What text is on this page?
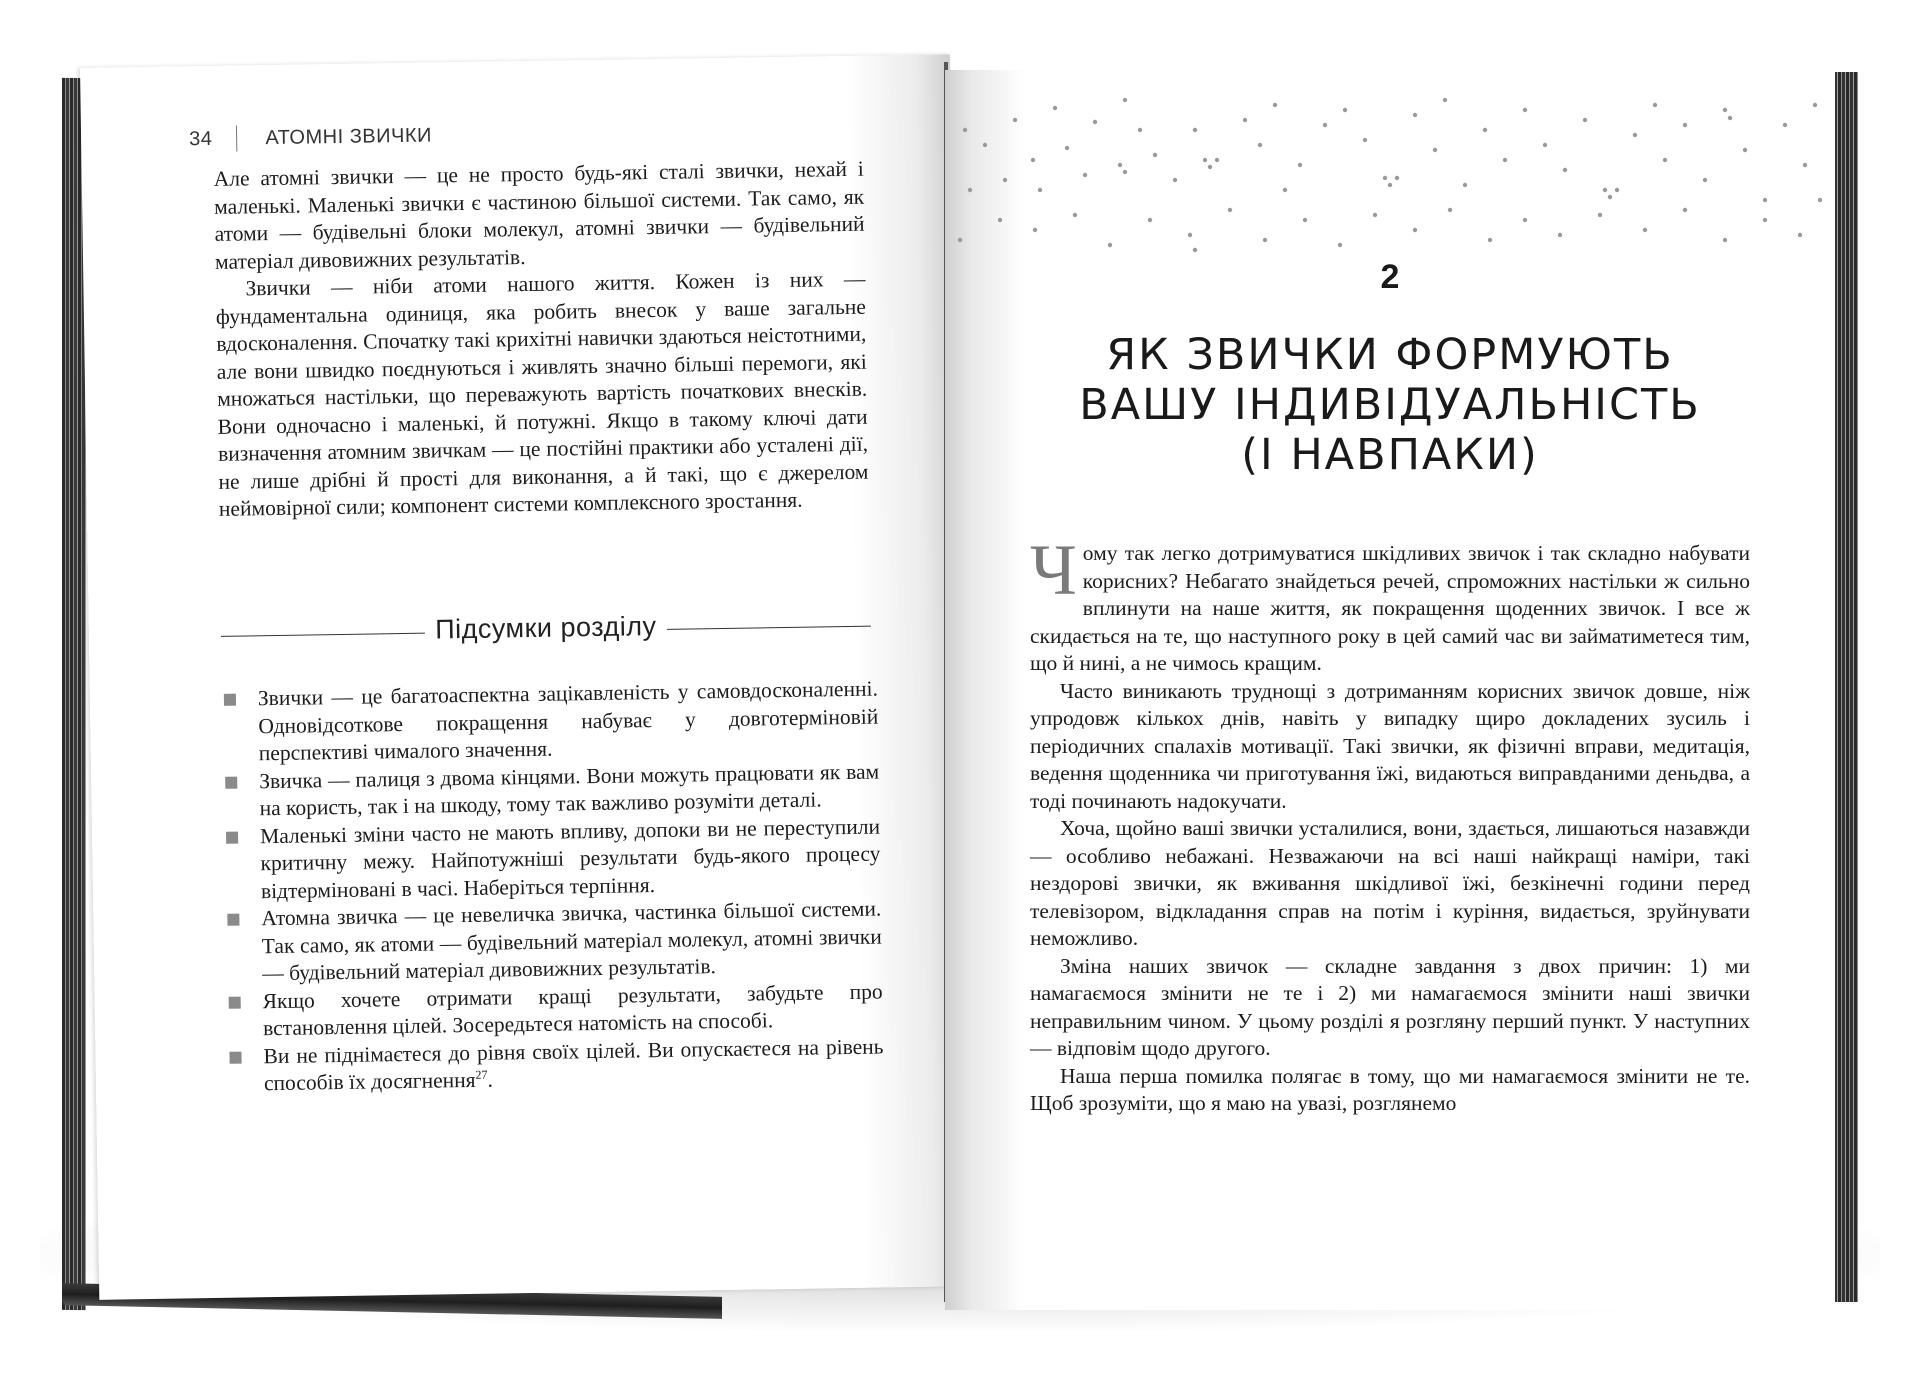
34	АТОМНІ ЗВИЧКИ

Але атомні звички — це не просто будь-які сталі звички, нехай і маленькі. Маленькі звички є частиною більшої системи. Так само, як атоми — будівельні блоки молекул, атомні звички — будівельний матеріал дивовижних результатів.

Звички — ніби атоми нашого життя. Кожен із них — фундаментальна одиниця, яка робить внесок у ваше загальне вдосконалення. Спочатку такі крихітні навички здаються неістотними, але вони швидко поєднуються і живлять значно більші перемоги, які множаться настільки, що переважують вартість початкових внесків. Вони одночасно і маленькі, й потужні. Якщо в такому ключі дати визначення атомним звичкам — це постійні практики або усталені дії, не лише дрібні й прості для виконання, а й такі, що є джерелом неймовірної сили; компонент системи комплексного зростання.

Підсумки розділу
Звички — це багатоаспектна зацікавленість у самовдосконаленні. Одновідсоткове покращення набуває у довготерміновій перспективі чималого значення.
Звичка — палиця з двома кінцями. Вони можуть працювати як вам на користь, так і на шкоду, тому так важливо розуміти деталі.
Маленькі зміни часто не мають впливу, допоки ви не переступили критичну межу. Найпотужніші результати будь-якого процесу відтерміновані в часі. Наберіться терпіння.
Атомна звичка — це невеличка звичка, частинка більшої системи. Так само, як атоми — будівельний матеріал молекул, атомні звички — будівельний матеріал дивовижних результатів.
Якщо хочете отримати кращі результати, забудьте про встановлення цілей. Зосередьтеся натомість на способі.
Ви не піднімаєтеся до рівня своїх цілей. Ви опускаєтеся на рівень способів їх досягнення$^{27}$.
2
ЯК ЗВИЧКИ ФОРМУЮТЬ
ВАШУ ІНДИВІДУАЛЬНІСТЬ
(І НАВПАКИ)

Чому так легко дотримуватися шкідливих звичок і так складно набувати корисних? Небагато знайдеться речей, спроможних настільки ж сильно вплинути на наше життя, як покращення щоденних звичок. І все ж скидається на те, що наступного року в цей самий час ви займатиметеся тим, що й нині, а не чимось кращим.

Часто виникають труднощі з дотриманням корисних звичок довше, ніж упродовж кількох днів, навіть у випадку щиро докладених зусиль і періодичних спалахів мотивації. Такі звички, як фізичні вправи, медитація, ведення щоденника чи приготування їжі, видаються виправданими деньдва, а тоді починають надокучати.

Хоча, щойно ваші звички усталилися, вони, здається, лишаються назавжди — особливо небажані. Незважаючи на всі наші найкращі наміри, такі нездорові звички, як вживання шкідливої їжі, безкінечні години перед телевізором, відкладання справ на потім і куріння, видається, зруйнувати неможливо.

Зміна наших звичок — складне завдання з двох причин: 1) ми намагаємося змінити не те і 2) ми намагаємося змінити наші звички неправильним чином. У цьому розділі я розгляну перший пункт. У наступних — відповім щодо другого.

Наша перша помилка полягає в тому, що ми намагаємося змінити не те. Щоб зрозуміти, що я маю на увазі, розглянемо
